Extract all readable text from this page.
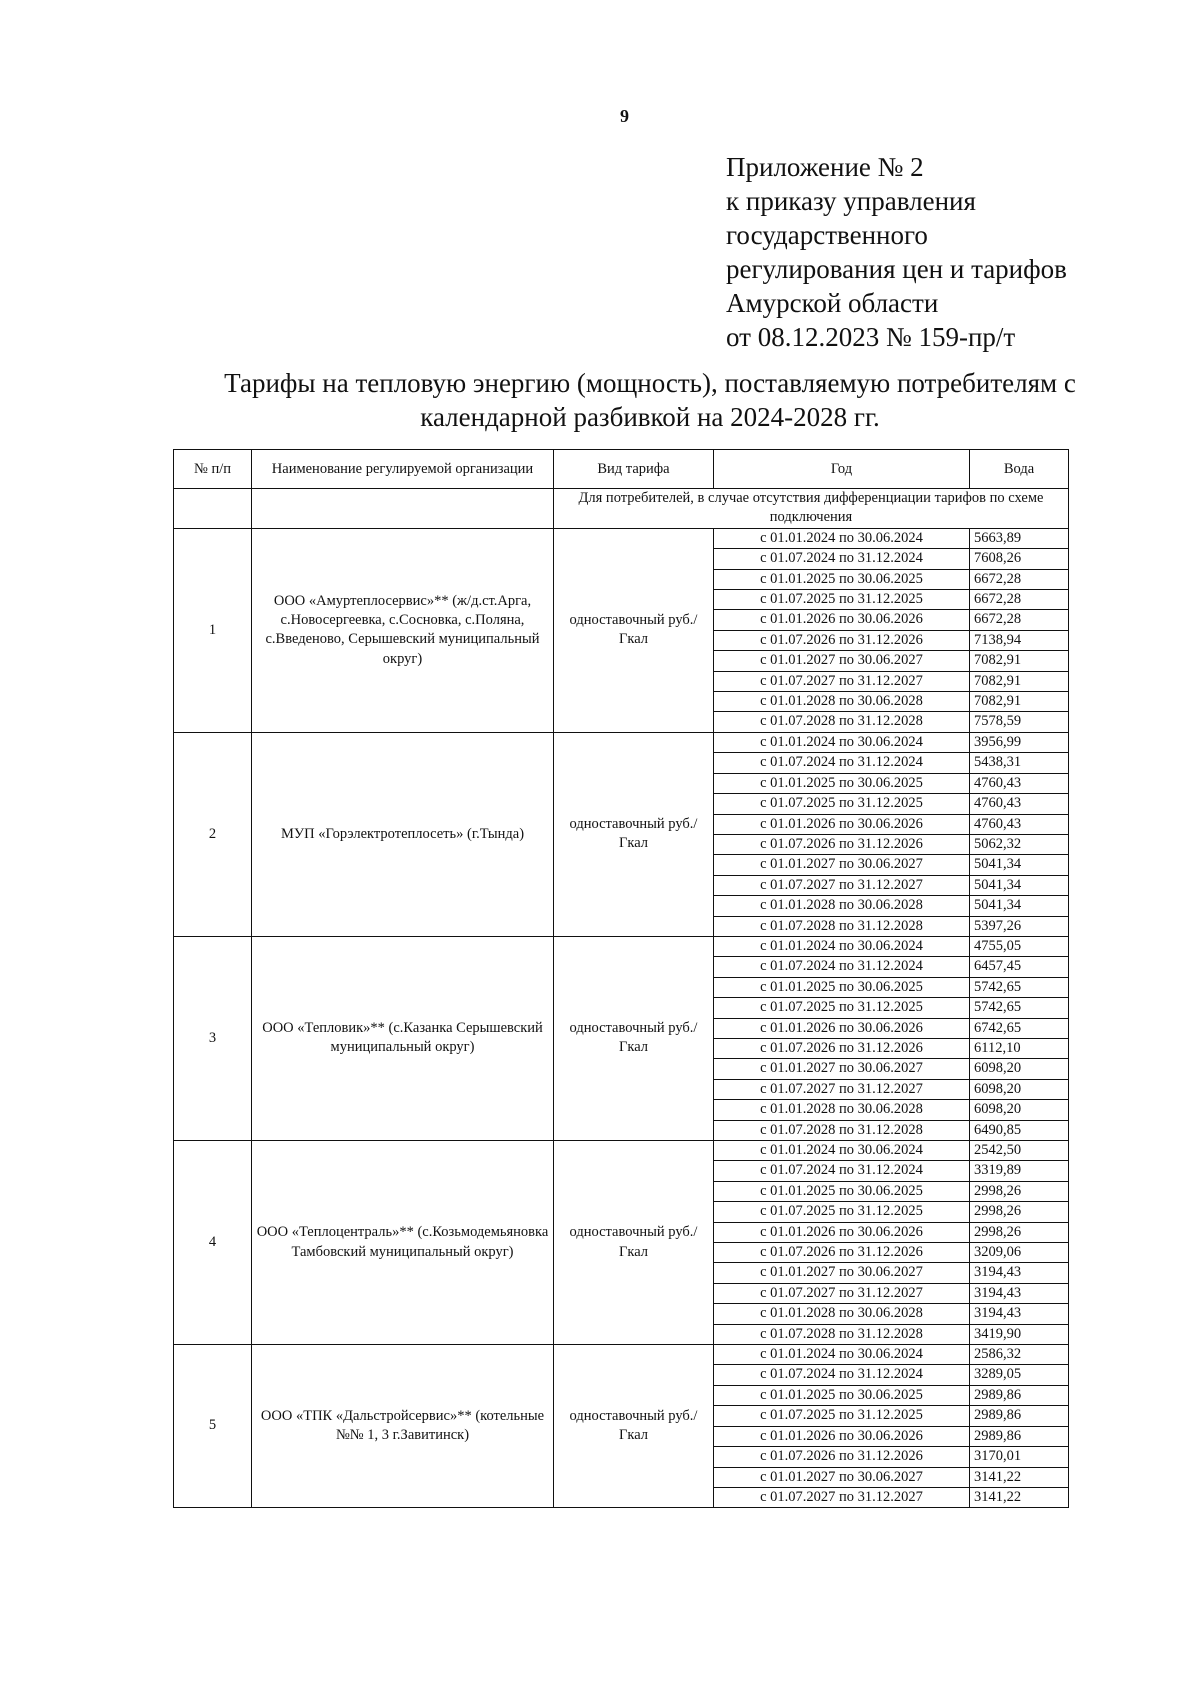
9
Приложение № 2
к приказу управления
государственного
регулирования цен и тарифов
Амурской области
от 08.12.2023 № 159-пр/т
Тарифы на тепловую энергию (мощность), поставляемую потребителям с календарной разбивкой на 2024-2028 гг.
№ п/п	Наименование регулируемой организации	Вид тарифа	Год	Вода
		Для потребителей, в случае отсутствия дифференциации тарифов по схеме подключения		
1	ООО «Амуртеплосервис»** (ж/д.ст.Арга, с.Новосергеевка, с.Сосновка, с.Поляна, с.Введеново, Серышевский муниципальный округ)	одноставочный руб./Гкал	с 01.01.2024 по 30.06.2024	5663,89
			с 01.07.2024 по 31.12.2024	7608,26
			с 01.01.2025 по 30.06.2025	6672,28
			с 01.07.2025 по 31.12.2025	6672,28
			с 01.01.2026 по 30.06.2026	6672,28
			с 01.07.2026 по 31.12.2026	7138,94
			с 01.01.2027 по 30.06.2027	7082,91
			с 01.07.2027 по 31.12.2027	7082,91
			с 01.01.2028 по 30.06.2028	7082,91
			с 01.07.2028 по 31.12.2028	7578,59
2	МУП «Горэлектротеплосеть» (г.Тында)	одноставочный руб./Гкал	с 01.01.2024 по 30.06.2024	3956,99
			с 01.07.2024 по 31.12.2024	5438,31
			с 01.01.2025 по 30.06.2025	4760,43
			с 01.07.2025 по 31.12.2025	4760,43
			с 01.01.2026 по 30.06.2026	4760,43
			с 01.07.2026 по 31.12.2026	5062,32
			с 01.01.2027 по 30.06.2027	5041,34
			с 01.07.2027 по 31.12.2027	5041,34
			с 01.01.2028 по 30.06.2028	5041,34
			с 01.07.2028 по 31.12.2028	5397,26
3	ООО «Тепловик»** (с.Казанка Серышевский муниципальный округ)	одноставочный руб./Гкал	с 01.01.2024 по 30.06.2024	4755,05
			с 01.07.2024 по 31.12.2024	6457,45
			с 01.01.2025 по 30.06.2025	5742,65
			с 01.07.2025 по 31.12.2025	5742,65
			с 01.01.2026 по 30.06.2026	6742,65
			с 01.07.2026 по 31.12.2026	6112,10
			с 01.01.2027 по 30.06.2027	6098,20
			с 01.07.2027 по 31.12.2027	6098,20
			с 01.01.2028 по 30.06.2028	6098,20
			с 01.07.2028 по 31.12.2028	6490,85
4	ООО «Теплоцентраль»** (с.Козьмодемьяновка Тамбовский муниципальный округ)	одноставочный руб./Гкал	с 01.01.2024 по 30.06.2024	2542,50
			с 01.07.2024 по 31.12.2024	3319,89
			с 01.01.2025 по 30.06.2025	2998,26
			с 01.07.2025 по 31.12.2025	2998,26
			с 01.01.2026 по 30.06.2026	2998,26
			с 01.07.2026 по 31.12.2026	3209,06
			с 01.01.2027 по 30.06.2027	3194,43
			с 01.07.2027 по 31.12.2027	3194,43
			с 01.01.2028 по 30.06.2028	3194,43
			с 01.07.2028 по 31.12.2028	3419,90
5	ООО «ТПК «Дальстройсервис»** (котельные №№ 1, 3 г.Завитинск)	одноставочный руб./Гкал	с 01.01.2024 по 30.06.2024	2586,32
			с 01.07.2024 по 31.12.2024	3289,05
			с 01.01.2025 по 30.06.2025	2989,86
			с 01.07.2025 по 31.12.2025	2989,86
			с 01.01.2026 по 30.06.2026	2989,86
			с 01.07.2026 по 31.12.2026	3170,01
			с 01.01.2027 по 30.06.2027	3141,22
			с 01.07.2027 по 31.12.2027	3141,22
